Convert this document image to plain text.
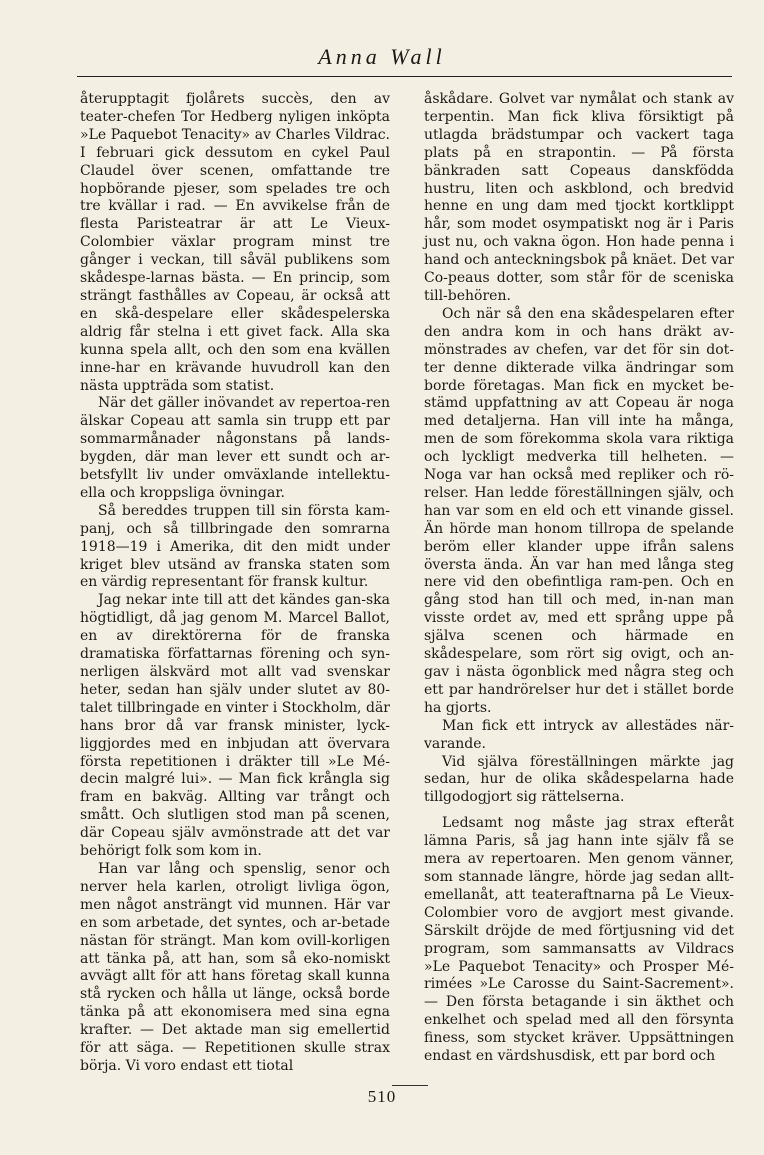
Anna Wall

återupptagit fjolårets succès, den av teater-chefen Tor Hedberg nyligen inköpta »Le Paquebot Tenacity» av Charles Vildrac. I februari gick dessutom en cykel Paul Claudel över scenen, omfattande tre hopbörande pjeser, som spelades tre och tre kvällar i rad. — En avvikelse från de flesta Paristeatrar är att Le Vieux-Colombier växlar program minst tre gånger i veckan, till såväl publikens som skådespe-larnas bästa. — En princip, som strängt fasthålles av Copeau, är också att en skå-despelare eller skådespelerska aldrig får stelna i ett givet fack. Alla ska kunna spela allt, och den som ena kvällen inne-har en krävande huvudroll kan den nästa uppträda som statist.

När det gäller inövandet av repertoa-ren älskar Copeau att samla sin trupp ett par sommarmånader någonstans på lands-bygden, där man lever ett sundt och ar-betsfyllt liv under omväxlande intellektu-ella och kroppsliga övningar.

Så bereddes truppen till sin första kam-panj, och så tillbringade den somrarna 1918—19 i Amerika, dit den midt under kriget blev utsänd av franska staten som en värdig representant för fransk kultur.

Jag nekar inte till att det kändes gan-ska högtidligt, då jag genom M. Marcel Ballot, en av direktörerna för de franska dramatiska författarnas förening och syn-nerligen älskvärd mot allt vad svenskar heter, sedan han själv under slutet av 80-talet tillbringade en vinter i Stockholm, där hans bror då var fransk minister, lyck-liggjordes med en inbjudan att övervara första repetitionen i dräkter till »Le Mé-decin malgré lui». — Man fick krångla sig fram en bakväg. Allting var trångt och smått. Och slutligen stod man på scenen, där Copeau själv avmönstrade att det var behörigt folk som kom in.

Han var lång och spenslig, senor och nerver hela karlen, otroligt livliga ögon, men något ansträngt vid munnen. Här var en som arbetade, det syntes, och ar-betade nästan för strängt. Man kom ovill-korligen att tänka på, att han, som så eko-nomiskt avvägt allt för att hans företag skall kunna stå rycken och hålla ut länge, också borde tänka på att ekonomisera med sina egna krafter. — Det aktade man sig emellertid för att säga. — Repetitionen skulle strax börja. Vi voro endast ett tiotal

åskådare. Golvet var nymålat och stank av terpentin. Man fick kliva försiktigt på utlagda brädstumpar och vackert taga plats på en strapontin. — På första bänkraden satt Copeaus danskfödda hustru, liten och askblond, och bredvid henne en ung dam med tjockt kortklippt hår, som modet osympatiskt nog är i Paris just nu, och vakna ögon. Hon hade penna i hand och anteckningsbok på knäet. Det var Co-peaus dotter, som står för de sceniska till-behören.

Och när så den ena skådespelaren efter den andra kom in och hans dräkt av-mönstrades av chefen, var det för sin dot-ter denne dikterade vilka ändringar som borde företagas. Man fick en mycket be-stämd uppfattning av att Copeau är noga med detaljerna. Han vill inte ha många, men de som förekomma skola vara riktiga och lyckligt medverka till helheten. — Noga var han också med repliker och rö-relser. Han ledde föreställningen själv, och han var som en eld och ett vinande gissel. Än hörde man honom tillropa de spelande beröm eller klander uppe ifrån salens översta ända. Än var han med långa steg nere vid den obefintliga ram-pen. Och en gång stod han till och med, in-nan man visste ordet av, med ett språng uppe på själva scenen och härmade en skådespelare, som rört sig ovigt, och an-gav i nästa ögonblick med några steg och ett par handrörelser hur det i stället borde ha gjorts.

Man fick ett intryck av allestädes när-varande.

Vid själva föreställningen märkte jag sedan, hur de olika skådespelarna hade tillgodogjort sig rättelserna.

Ledsamt nog måste jag strax efteråt lämna Paris, så jag hann inte själv få se mera av repertoaren. Men genom vänner, som stannade längre, hörde jag sedan allt-emellanåt, att teateraftnarna på Le Vieux-Colombier voro de avgjort mest givande. Särskilt dröjde de med förtjusning vid det program, som sammansatts av Vildracs »Le Paquebot Tenacity» och Prosper Mé-rimées »Le Carosse du Saint-Sacrement». — Den första betagande i sin äkthet och enkelhet och spelad med all den försynta finess, som stycket kräver. Uppsättningen endast en värdshusdisk, ett par bord och

510
